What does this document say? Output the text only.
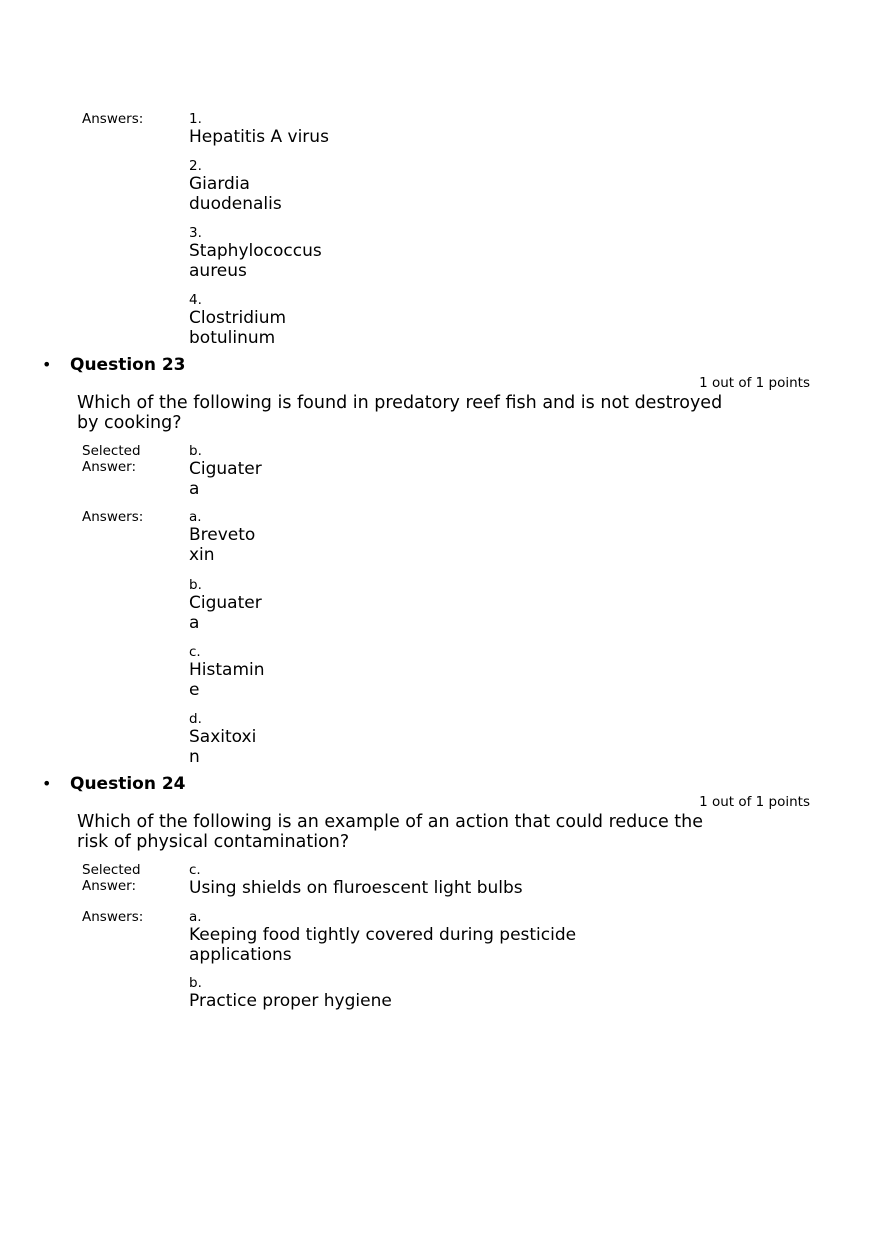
Answers:	1.
Hepatitis A virus
2.
Giardia duodenalis
3.
Staphylococcus aureus
4.
Clostridium botulinum
• Question 23
1 out of 1 points
Which of the following is found in predatory reef fish and is not destroyed by cooking?
Selected Answer:
b.
Ciguatera
Answers:	a.
Brevetoxin
b.
Ciguatera
c.
Histamine
d.
Saxitoxin
• Question 24
1 out of 1 points
Which of the following is an example of an action that could reduce the risk of physical contamination?
Selected Answer:
c.
Using shields on fluroescent light bulbs
Answers:	a.
Keeping food tightly covered during pesticide applications
b.
Practice proper hygiene
